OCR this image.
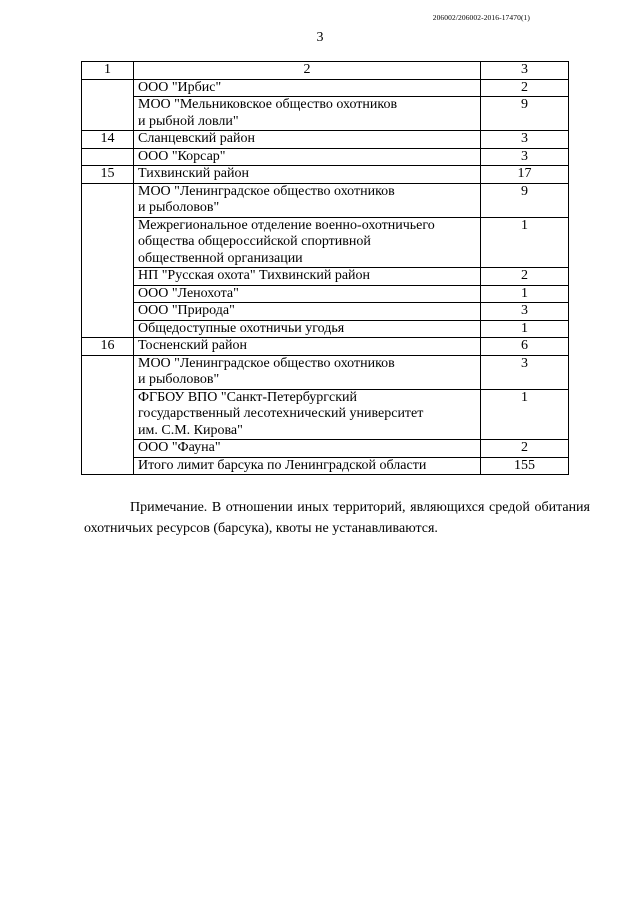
206002/206002-2016-17470(1)
3
1	2	3

	ООО "Ирбис"	2

	МОО "Мельниковское общество охотников
и рыбной ловли"	9
14	Сланцевский район	3

	ООО "Корсар"	3
15	Тихвинский район	17

	МОО "Ленинградское общество охотников
и рыболовов"	9

	Межрегиональное отделение военно-охотничьего
общества общероссийской спортивной
общественной организации	1

	НП "Русская охота" Тихвинский район	2

	ООО "Ленохота"	1

	ООО "Природа"	3

	Общедоступные охотничьи угодья	1
16	Тосненский район	6

	МОО "Ленинградское общество охотников
и рыболовов"	3

	ФГБОУ ВПО "Санкт-Петербургский
государственный лесотехнический университет
им. С.М. Кирова"	1

	ООО "Фауна"	2

	Итого лимит барсука по Ленинградской области	155
Примечание. В отношении иных территорий, являющихся средой обитания охотничьих ресурсов (барсука), квоты не устанавливаются.
